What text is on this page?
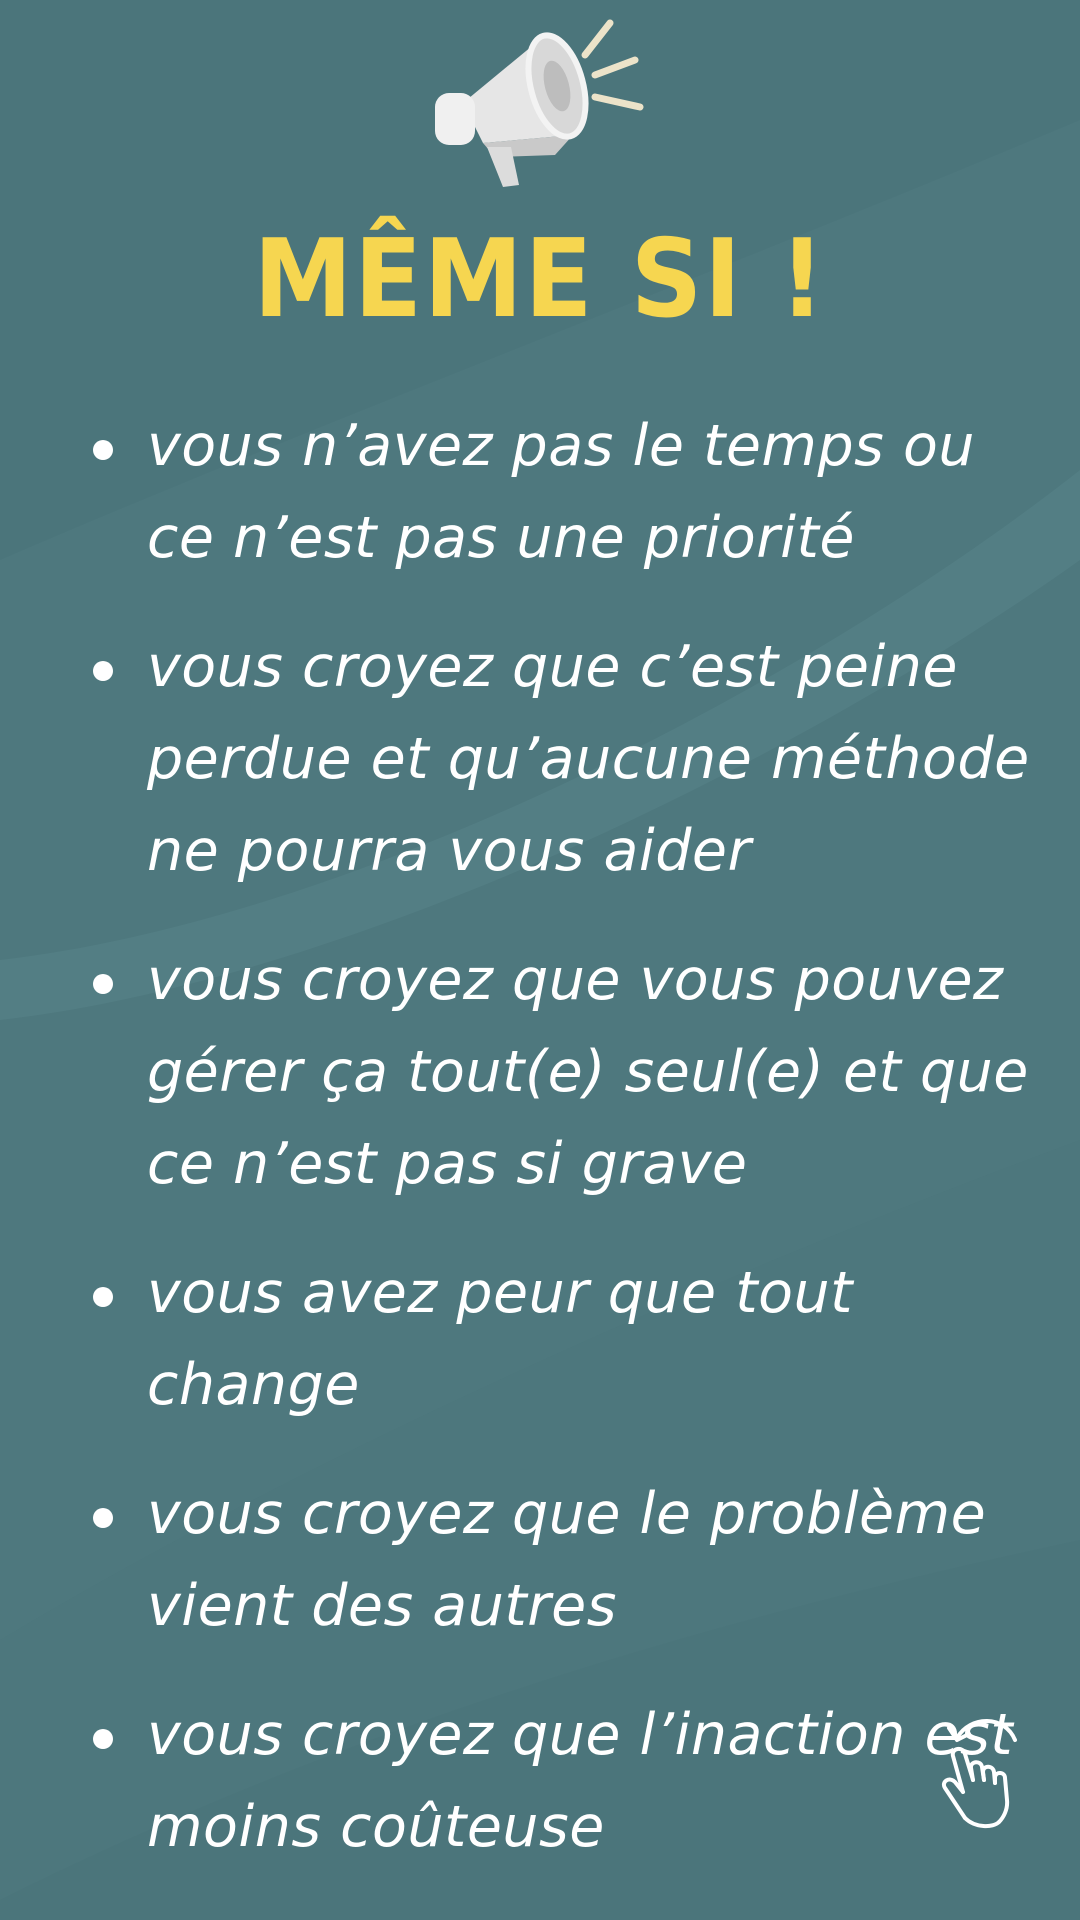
MÊME SI !
vous n’avez pas le temps ou ce n’est pas une priorité
vous croyez que c’est peine perdue et qu’aucune méthode ne pourra vous aider
vous croyez que vous pouvez gérer ça tout(e) seul(e) et que ce n’est pas si grave
vous avez peur que tout change
vous croyez que le problème vient des autres
vous croyez que l’inaction est moins coûteuse
